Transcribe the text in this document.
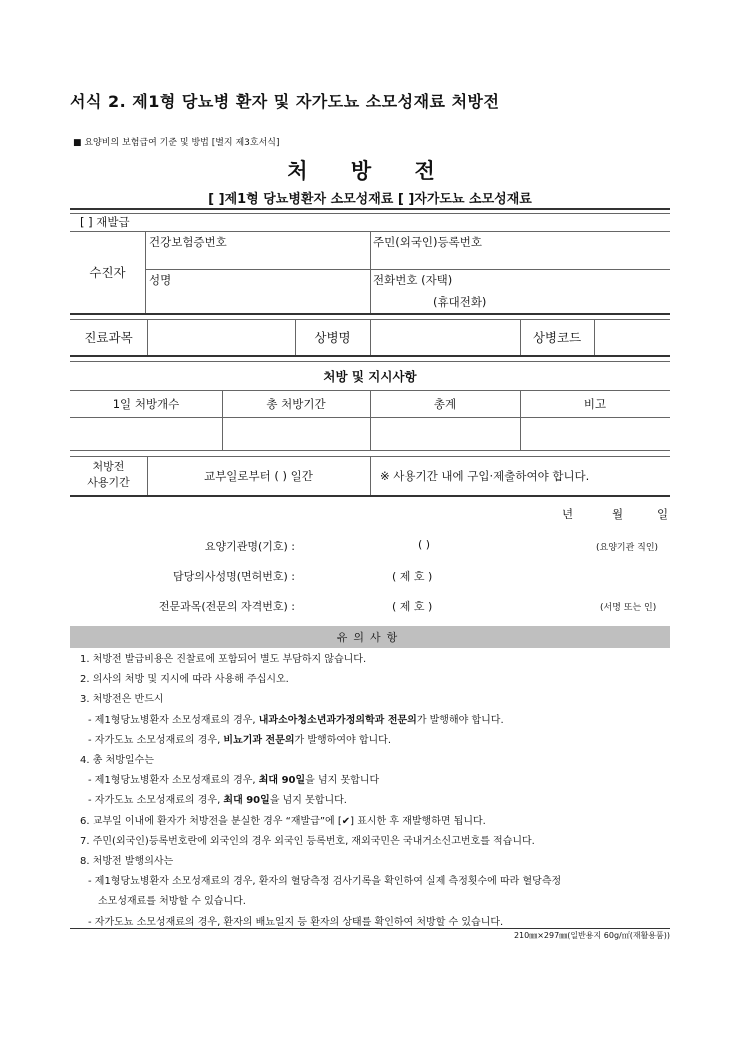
서식 2. 제1형 당뇨병 환자 및 자가도뇨 소모성재료 처방전
■ 요양비의 보험급여 기준 및 방법 [별지 제3호서식]
처 방 전
[ ]제1형 당뇨병환자 소모성재료 [ ]자가도뇨 소모성재료
[ ] 재발급
수진자
건강보험증번호	주민(외국인)등록번호
성명	전화번호 (자택)
(휴대전화)
진료과목	상병명	상병코드
처방 및 지시사항
1일 처방개수	총 처방기간	총계	비고
처방전
사용기간	교부일로부터 ( ) 일간	※ 사용기간 내에 구입·제출하여야 합니다.
년	월	일
요양기관명(기호) :	( )	(요양기관 직인)
담당의사성명(면허번호) :	( 제 호 )
전문과목(전문의 자격번호) :	( 제 호 )	(서명 또는 인)
유의사항
1. 처방전 발급비용은 진찰료에 포함되어 별도 부담하지 않습니다.
2. 의사의 처방 및 지시에 따라 사용해 주십시오.
3. 처방전은 반드시
- 제1형당뇨병환자 소모성재료의 경우, 내과소아청소년과가정의학과 전문의가 발행해야 합니다.
- 자가도뇨 소모성재료의 경우, 비뇨기과 전문의가 발행하여야 합니다.
4. 총 처방일수는
- 제1형당뇨병환자 소모성재료의 경우, 최대 90일을 넘지 못합니다
- 자가도뇨 소모성재료의 경우, 최대 90일을 넘지 못합니다.
6. 교부일 이내에 환자가 처방전을 분실한 경우 “재발급”에 [✔] 표시한 후 재발행하면 됩니다.
7. 주민(외국인)등록번호란에 외국인의 경우 외국인 등록번호, 재외국민은 국내거소신고번호를 적습니다.
8. 처방전 발행의사는
- 제1형당뇨병환자 소모성재료의 경우, 환자의 혈당측정 검사기록을 확인하여 실제 측정횟수에 따라 혈당측정
소모성재료를 처방할 수 있습니다.
- 자가도뇨 소모성재료의 경우, 환자의 배뇨일지 등 환자의 상태를 확인하여 처방할 수 있습니다.
210㎜×297㎜(일반용지 60g/㎡(재활용품))
